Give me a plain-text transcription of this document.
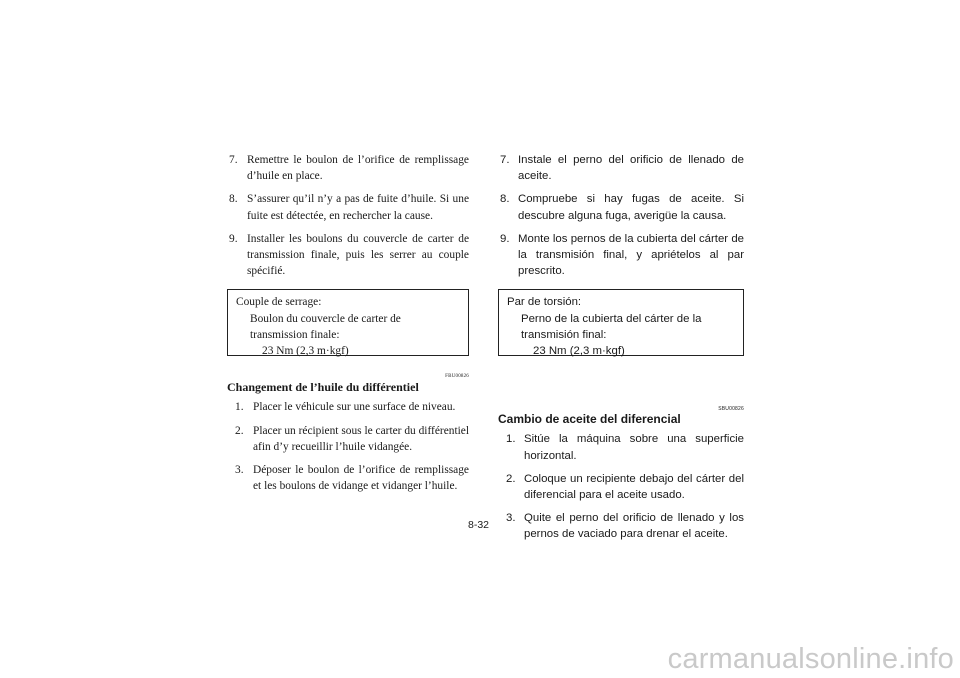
7. Remettre le boulon de l’orifice de remplissage d’huile en place.
8. S’assurer qu’il n’y a pas de fuite d’huile. Si une fuite est détectée, en rechercher la cause.
9. Installer les boulons du couvercle de carter de transmission finale, puis les serrer au couple spécifié.
Couple de serrage:
Boulon du couvercle de carter de transmission finale:
23 Nm (2,3 m·kgf)
FBU00826
Changement de l’huile du différentiel
1. Placer le véhicule sur une surface de niveau.
2. Placer un récipient sous le carter du différentiel afin d’y recueillir l’huile vidangée.
3. Déposer le boulon de l’orifice de remplissage et les boulons de vidange et vidanger l’huile.
7. Instale el perno del orificio de llenado de aceite.
8. Compruebe si hay fugas de aceite. Si descubre alguna fuga, averigüe la causa.
9. Monte los pernos de la cubierta del cárter de la transmisión final, y apriételos al par prescrito.
Par de torsión:
Perno de la cubierta del cárter de la transmisión final:
23 Nm (2,3 m·kgf)
SBU00826
Cambio de aceite del diferencial
1. Sitúe la máquina sobre una superficie horizontal.
2. Coloque un recipiente debajo del cárter del diferencial para el aceite usado.
3. Quite el perno del orificio de llenado y los pernos de vaciado para drenar el aceite.
8-32
carmanualsonline.info
